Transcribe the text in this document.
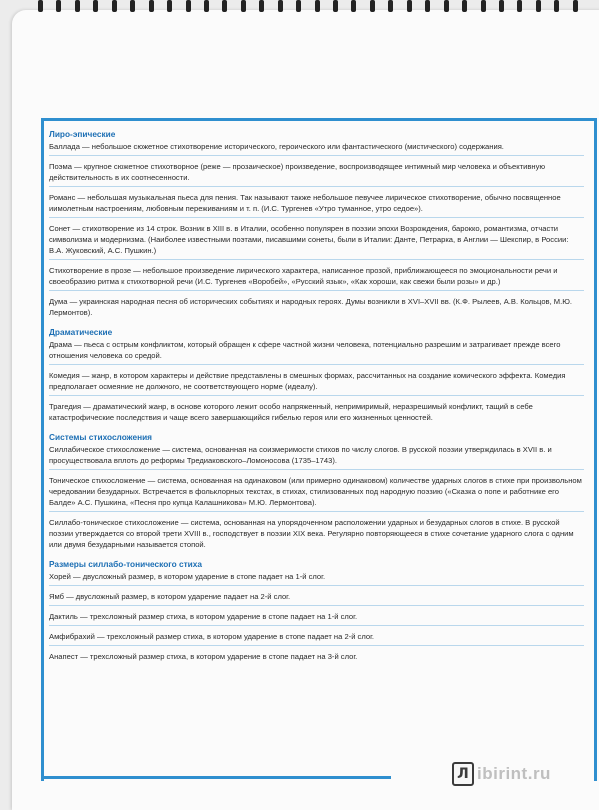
Лиро-эпические
Баллада — небольшое сюжетное стихотворение исторического, героического или фантастического (мистического) содержания.
Поэма — крупное сюжетное стихотворное (реже — прозаическое) произведение, воспроизводящее интимный мир человека и объективную действительность в их соотнесенности.
Романс — небольшая музыкальная пьеса для пения. Так называют также небольшое певучее лирическое стихотворение, обычно посвященное иимолетным настроениям, любовным переживаниям и т. п. (И.С. Тургенев «Утро туманное, утро седое»).
Сонет — стихотворение из 14 строк. Возник в XIII в. в Италии, особенно популярен в поэзии эпохи Возрождения, барокко, романтизма, отчасти символизма и модернизма. (Наиболее известными поэтами, писавшими сонеты, были в Италии: Данте, Петрарка, в Англии — Шекспир, в России: В.А. Жуковский, А.С. Пушкин.)
Стихотворение в прозе — небольшое произведение лирического характера, написанное прозой, приближающееся по эмоциональности речи и своеобразию ритма к стихотворной речи (И.С. Тургенев «Воробей», «Русский язык», «Как хороши, как свежи были розы» и др.)
Дума — украинская народная песня об исторических событиях и народных героях. Думы возникли в XVI–XVII вв. (К.Ф. Рылеев, А.В. Кольцов, М.Ю. Лермонтов).
Драматические
Драма — пьеса с острым конфликтом, который обращен к сфере частной жизни человека, потенциально разрешим и затрагивает прежде всего отношения человека со средой.
Комедия — жанр, в котором характеры и действие представлены в смешных формах, рассчитанных на создание комического эффекта. Комедия предполагает осмеяние не должного, не соответствующего норме (идеалу).
Трагедия — драматический жанр, в основе которого лежит особо напряженный, непримиримый, неразрешимый конфликт, тащий в себе катастрофические последствия и чаще всего завершающийся гибелью героя или его жизненных ценностей.
Системы стихосложения
Силлабическое стихосложение — система, основанная на соизмеримости стихов по числу слогов. В русской поэзии утверждилась в XVII в. и просуществовала вплоть до реформы Тредиаковского–Ломоносова (1735–1743).
Тоническое стихосложение — система, основанная на одинаковом (или примерно одинаковом) количестве ударных слогов в стихе при произвольном чередовании безударных. Встречается в фольклорных текстах, в стихах, стилизованных под народную поэзию («Сказка о попе и работнике его Балде» А.С. Пушкина, «Песня про купца Калашникова» М.Ю. Лермонтова).
Силлабо-тоническое стихосложение — система, основанная на упорядоченном расположении ударных и безударных слогов в стихе. В русской поэзии утверждается со второй трети XVIII в., господствует в поэзии XIX века. Регулярно повторяющееся в стихе сочетание ударного слога с одним или двумя безударными называется стопой.
Размеры силлабо-тонического стиха
Хорей — двусложный размер, в котором ударение в стопе падает на 1-й слог.
Ямб — двусложный размер, в котором ударение падает на 2-й слог.
Дактиль — трехсложный размер стиха, в котором ударение в стопе падает на 1-й слог.
Амфибрахий — трехсложный размер стиха, в котором ударение в стопе падает на 2-й слог.
Анапест — трехсложный размер стиха, в котором ударение в стопе падает на 3-й слог.
Л ibirint.ru
